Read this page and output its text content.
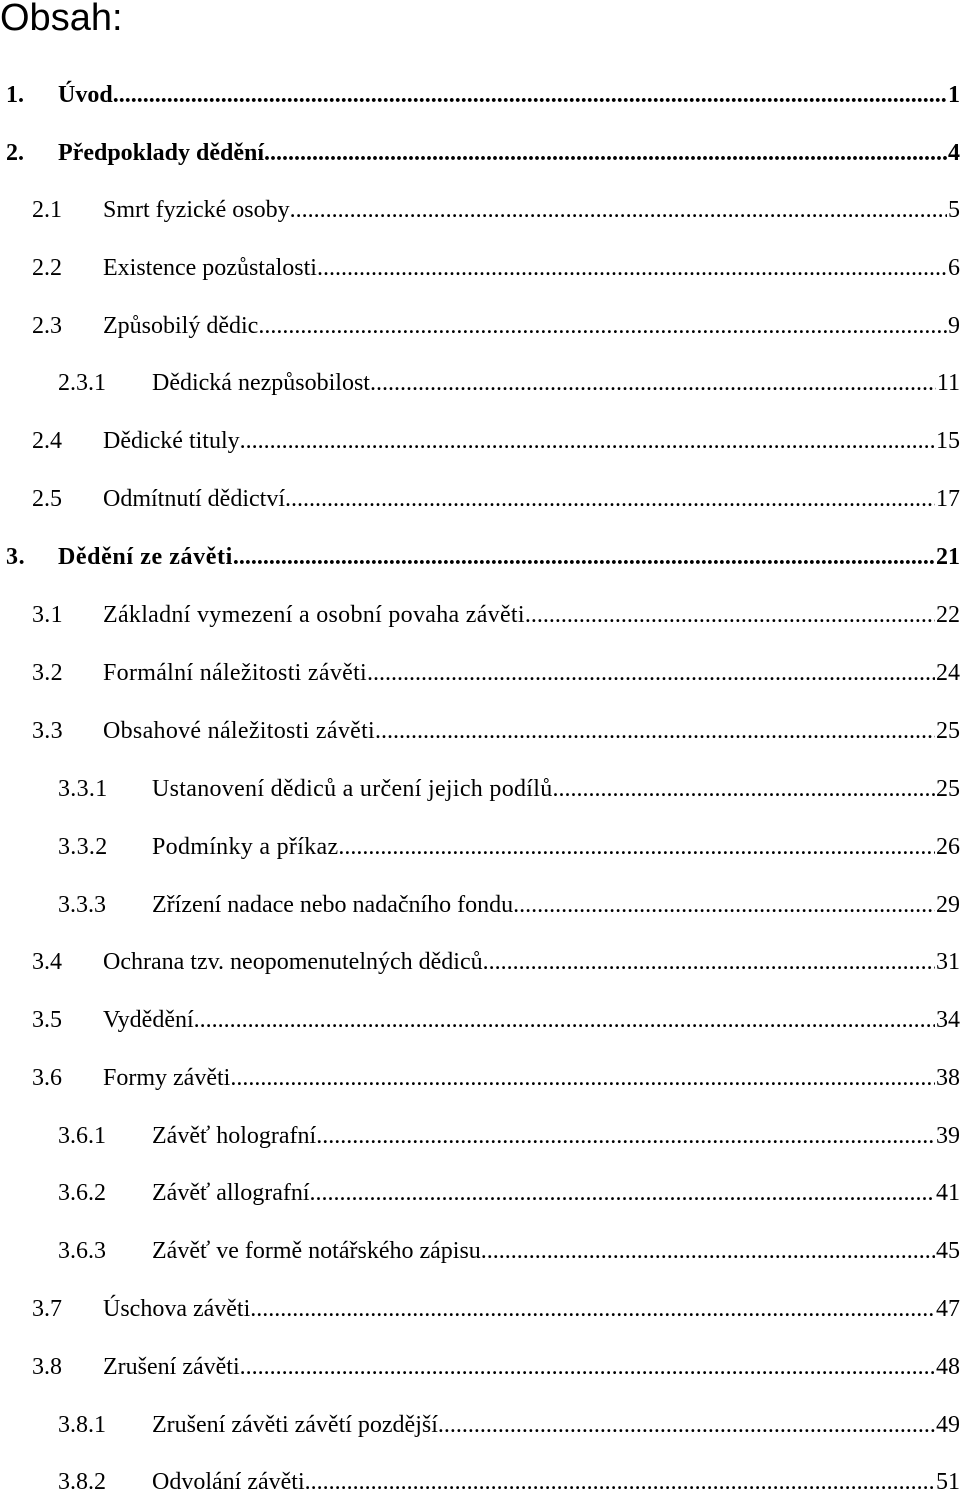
Obsah:
1. Úvod .....	1
2. Předpoklady dědění .....	4
2.1 Smrt fyzické osoby .....	5
2.2 Existence pozůstalosti .....	6
2.3 Způsobilý dědic .....	9
2.3.1 Dědická nezpůsobilost .....	11
2.4 Dědické tituly .....	15
2.5 Odmítnutí dědictví .....	17
3. Dědění ze závěti .....	21
3.1 Základní vymezení a osobní povaha závěti .....	22
3.2 Formální náležitosti závěti .....	24
3.3 Obsahové náležitosti závěti .....	25
3.3.1 Ustanovení dědiců a určení jejich podílů .....	25
3.3.2 Podmínky a příkaz .....	26
3.3.3 Zřízení nadace nebo nadačního fondu .....	29
3.4 Ochrana tzv. neopomenutelných dědiců .....	31
3.5 Vydědění .....	34
3.6 Formy závěti .....	38
3.6.1 Závěť holografní .....	39
3.6.2 Závěť allografní .....	41
3.6.3 Závěť ve formě notářského zápisu .....	45
3.7 Úschova závěti .....	47
3.8 Zrušení závěti .....	48
3.8.1 Zrušení závěti závětí pozdější .....	49
3.8.2 Odvolání závěti .....	51
